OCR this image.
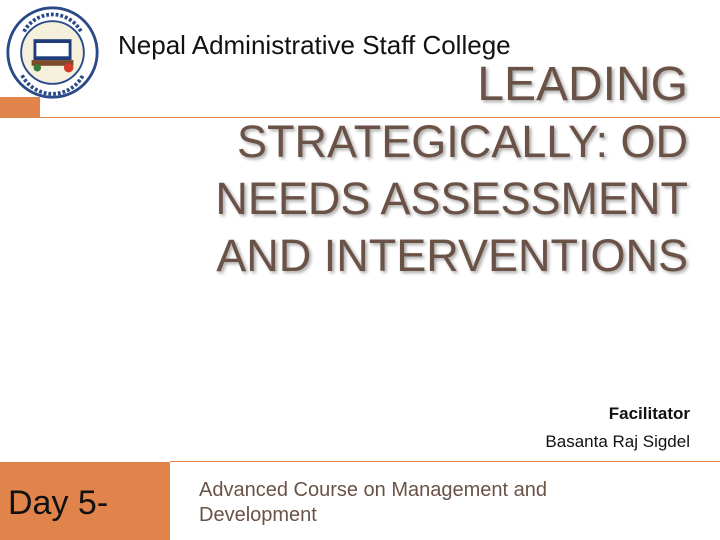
Nepal Administrative Staff College
LEADING
STRATEGICALLY: OD
NEEDS ASSESSMENT
AND INTERVENTIONS
Facilitator
Basanta Raj Sigdel
Day 5-	Advanced Course on Management and Development
